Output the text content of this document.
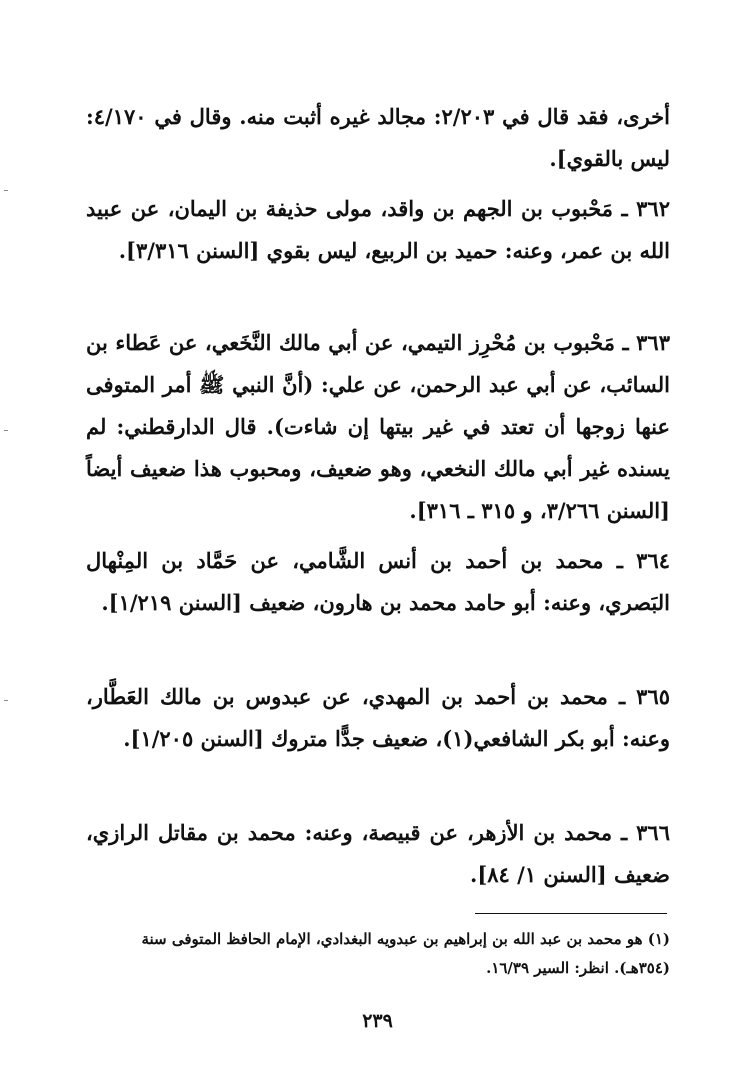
أخرى، فقد قال في ٢/٢٠٣: مجالد غيره أثبت منه. وقال في ٤/١٧٠: ليس بالقوي].

٣٦٢ ـ مَحْبوب بن الجهم بن واقد، مولى حذيفة بن اليمان، عن عبيد الله بن عمر، وعنه: حميد بن الربيع، ليس بقوي [السنن ٣/٣١٦].

٣٦٣ ـ مَحْبوب بن مُحْرِز التيمي، عن أبي مالك النَّخَعي، عن عَطاء بن السائب، عن أبي عبد الرحمن، عن علي: (أنَّ النبي ﷺ أمر المتوفى عنها زوجها أن تعتد في غير بيتها إن شاءت). قال الدارقطني: لم يسنده غير أبي مالك النخعي، وهو ضعيف، ومحبوب هذا ضعيف أيضاً [السنن ٣/٢٦٦، و ٣١٥ ـ ٣١٦].

٣٦٤ ـ محمد بن أحمد بن أنس الشَّامي، عن حَمَّاد بن المِنْهال البَصري، وعنه: أبو حامد محمد بن هارون، ضعيف [السنن ١/٢١٩].

٣٦٥ ـ محمد بن أحمد بن المهدي، عن عبدوس بن مالك العَطَّار، وعنه: أبو بكر الشافعي(١)، ضعيف جدًّا متروك [السنن ١/٢٠٥].

٣٦٦ ـ محمد بن الأزهر، عن قبيصة، وعنه: محمد بن مقاتل الرازي، ضعيف [السنن ١/ ٨٤].

(١) هو محمد بن عبد الله بن إبراهيم بن عبدويه البغدادي، الإمام الحافظ المتوفى سنة (٣٥٤هـ). انظر: السير ١٦/٣٩.

٢٣٩
